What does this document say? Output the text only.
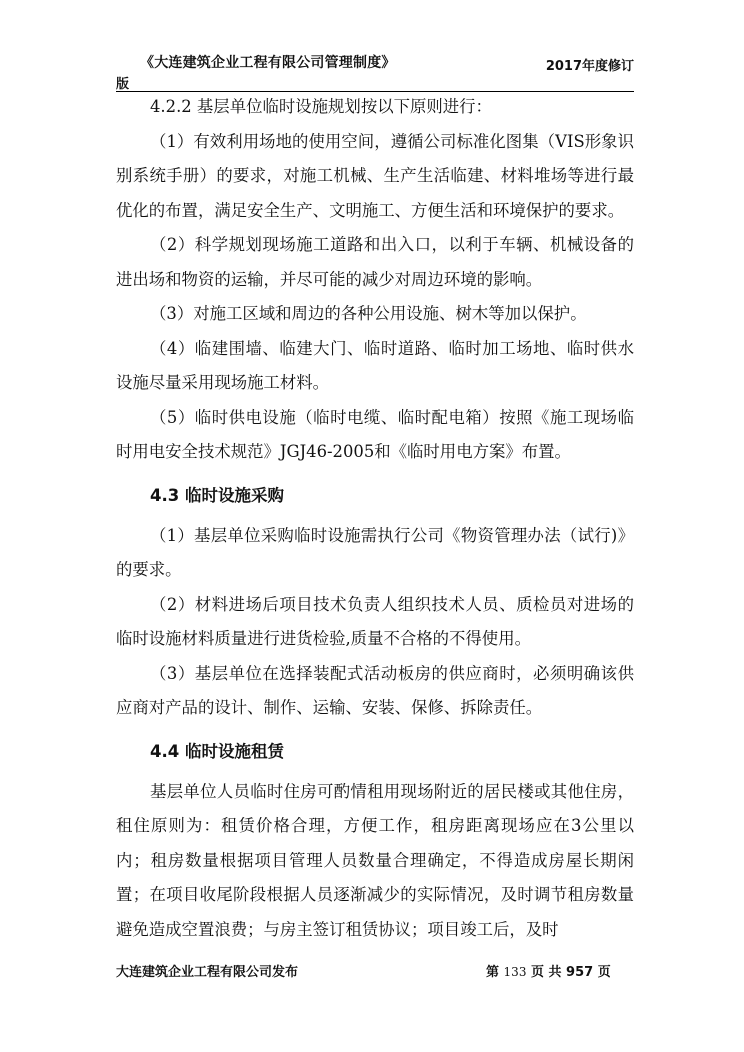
《大连建筑企业工程有限公司管理制度》	2017年度修订
版

4.2.2 基层单位临时设施规划按以下原则进行：

（1）有效利用场地的使用空间，遵循公司标准化图集（VIS形象识别系统手册）的要求，对施工机械、生产生活临建、材料堆场等进行最优化的布置，满足安全生产、文明施工、方便生活和环境保护的要求。

（2）科学规划现场施工道路和出入口，以利于车辆、机械设备的进出场和物资的运输，并尽可能的减少对周边环境的影响。

（3）对施工区域和周边的各种公用设施、树木等加以保护。

（4）临建围墙、临建大门、临时道路、临时加工场地、临时供水设施尽量采用现场施工材料。

（5）临时供电设施（临时电缆、临时配电箱）按照《施工现场临时用电安全技术规范》JGJ46-2005和《临时用电方案》布置。

4.3 临时设施采购

（1）基层单位采购临时设施需执行公司《物资管理办法（试行)》的要求。

（2）材料进场后项目技术负责人组织技术人员、质检员对进场的临时设施材料质量进行进货检验,质量不合格的不得使用。

（3）基层单位在选择装配式活动板房的供应商时，必须明确该供应商对产品的设计、制作、运输、安装、保修、拆除责任。

4.4 临时设施租赁

基层单位人员临时住房可酌情租用现场附近的居民楼或其他住房，租住原则为：租赁价格合理，方便工作，租房距离现场应在3公里以内；租房数量根据项目管理人员数量合理确定，不得造成房屋长期闲置；在项目收尾阶段根据人员逐渐减少的实际情况，及时调节租房数量避免造成空置浪费；与房主签订租赁协议；项目竣工后，及时

大连建筑企业工程有限公司发布	第 133 页 共 957 页
